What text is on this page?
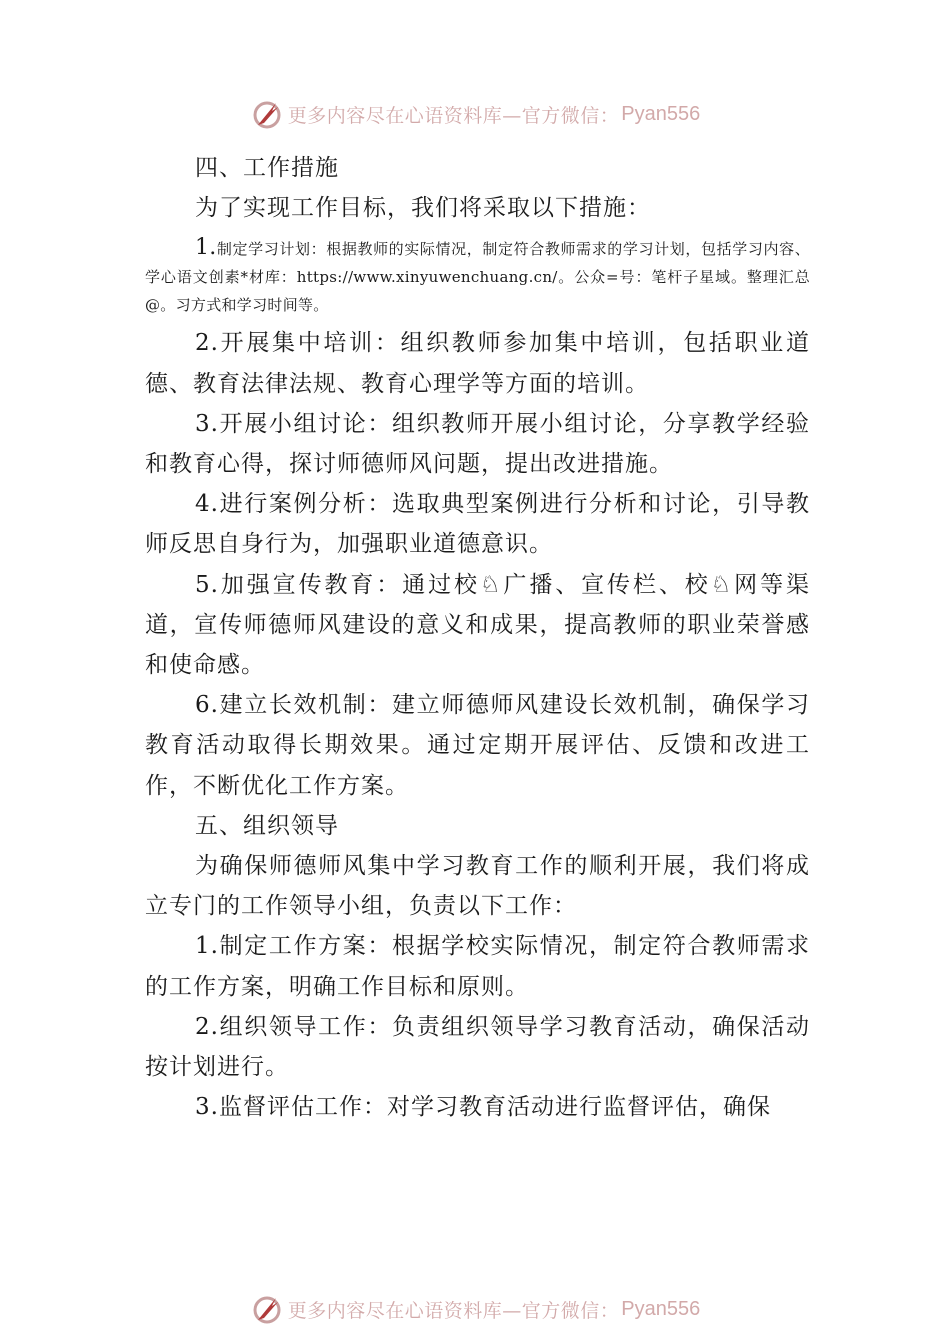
更多内容尽在心语资料库—官方微信： Pyan556

四、工作措施

为了实现工作目标，我们将采取以下措施：

1.制定学习计划：根据教师的实际情况，制定符合教师需求的学习计划，包括学习内容、学心语文创素*材库：https://www.xinyuwenchuang.cn/。公众=号：笔杆子星域。整理汇总@。习方式和学习时间等。

2.开展集中培训：组织教师参加集中培训，包括职业道德、教育法律法规、教育心理学等方面的培训。

3.开展小组讨论：组织教师开展小组讨论，分享教学经验和教育心得，探讨师德师风问题，提出改进措施。

4.进行案例分析：选取典型案例进行分析和讨论，引导教师反思自身行为，加强职业道德意识。

5.加强宣传教育：通过校♘广播、宣传栏、校♘网等渠道，宣传师德师风建设的意义和成果，提高教师的职业荣誉感和使命感。

6.建立长效机制：建立师德师风建设长效机制，确保学习教育活动取得长期效果。通过定期开展评估、反馈和改进工作，不断优化工作方案。

五、组织领导

为确保师德师风集中学习教育工作的顺利开展，我们将成立专门的工作领导小组，负责以下工作：

1.制定工作方案：根据学校实际情况，制定符合教师需求的工作方案，明确工作目标和原则。

2.组织领导工作：负责组织领导学习教育活动，确保活动按计划进行。

3.监督评估工作：对学习教育活动进行监督评估，确保

更多内容尽在心语资料库—官方微信： Pyan556
